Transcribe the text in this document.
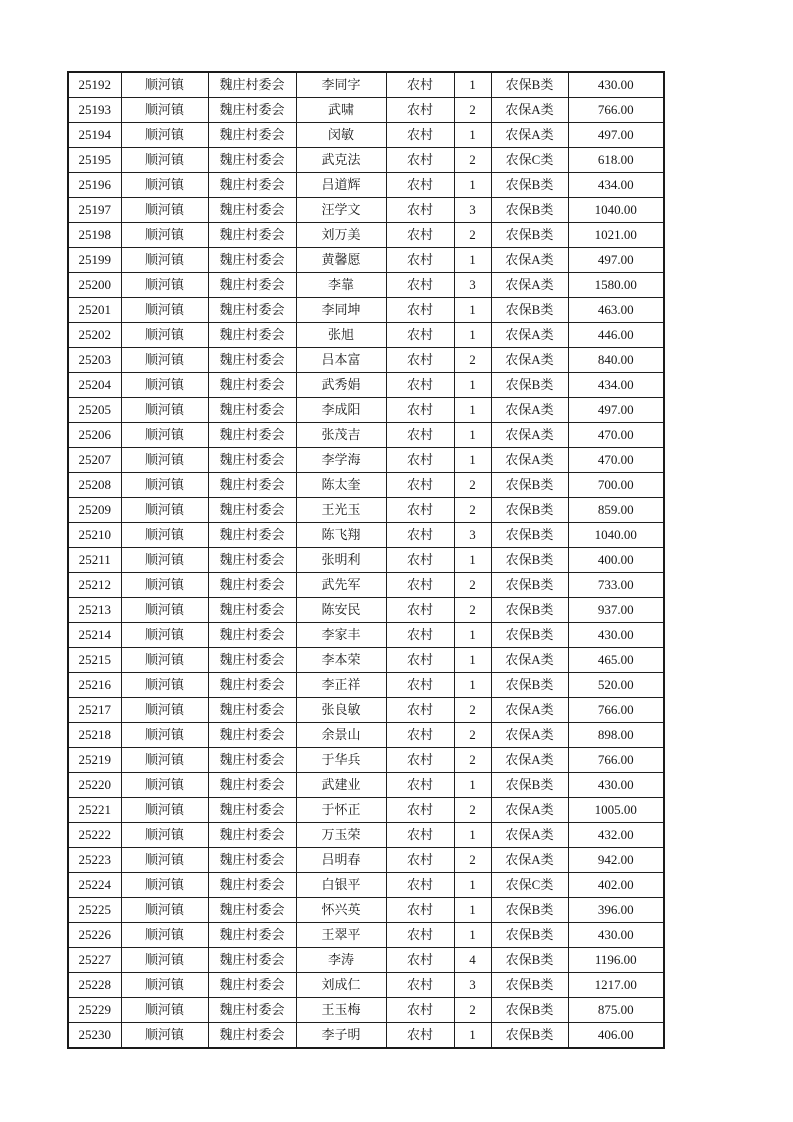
25192	顺河镇	魏庄村委会	李同字	农村	1	农保B类	430.00
25193	顺河镇	魏庄村委会	武啸	农村	2	农保A类	766.00
25194	顺河镇	魏庄村委会	闵敏	农村	1	农保A类	497.00
25195	顺河镇	魏庄村委会	武克法	农村	2	农保C类	618.00
25196	顺河镇	魏庄村委会	吕道辉	农村	1	农保B类	434.00
25197	顺河镇	魏庄村委会	汪学文	农村	3	农保B类	1040.00
25198	顺河镇	魏庄村委会	刘万美	农村	2	农保B类	1021.00
25199	顺河镇	魏庄村委会	黄馨愿	农村	1	农保A类	497.00
25200	顺河镇	魏庄村委会	李靠	农村	3	农保A类	1580.00
25201	顺河镇	魏庄村委会	李同坤	农村	1	农保B类	463.00
25202	顺河镇	魏庄村委会	张旭	农村	1	农保A类	446.00
25203	顺河镇	魏庄村委会	吕本富	农村	2	农保A类	840.00
25204	顺河镇	魏庄村委会	武秀娟	农村	1	农保B类	434.00
25205	顺河镇	魏庄村委会	李成阳	农村	1	农保A类	497.00
25206	顺河镇	魏庄村委会	张茂吉	农村	1	农保A类	470.00
25207	顺河镇	魏庄村委会	李学海	农村	1	农保A类	470.00
25208	顺河镇	魏庄村委会	陈太奎	农村	2	农保B类	700.00
25209	顺河镇	魏庄村委会	王光玉	农村	2	农保B类	859.00
25210	顺河镇	魏庄村委会	陈飞翔	农村	3	农保B类	1040.00
25211	顺河镇	魏庄村委会	张明利	农村	1	农保B类	400.00
25212	顺河镇	魏庄村委会	武先军	农村	2	农保B类	733.00
25213	顺河镇	魏庄村委会	陈安民	农村	2	农保B类	937.00
25214	顺河镇	魏庄村委会	李家丰	农村	1	农保B类	430.00
25215	顺河镇	魏庄村委会	李本荣	农村	1	农保A类	465.00
25216	顺河镇	魏庄村委会	李正祥	农村	1	农保B类	520.00
25217	顺河镇	魏庄村委会	张良敏	农村	2	农保A类	766.00
25218	顺河镇	魏庄村委会	余景山	农村	2	农保A类	898.00
25219	顺河镇	魏庄村委会	于华兵	农村	2	农保A类	766.00
25220	顺河镇	魏庄村委会	武建业	农村	1	农保B类	430.00
25221	顺河镇	魏庄村委会	于怀正	农村	2	农保A类	1005.00
25222	顺河镇	魏庄村委会	万玉荣	农村	1	农保A类	432.00
25223	顺河镇	魏庄村委会	吕明春	农村	2	农保A类	942.00
25224	顺河镇	魏庄村委会	白银平	农村	1	农保C类	402.00
25225	顺河镇	魏庄村委会	怀兴英	农村	1	农保B类	396.00
25226	顺河镇	魏庄村委会	王翠平	农村	1	农保B类	430.00
25227	顺河镇	魏庄村委会	李涛	农村	4	农保B类	1196.00
25228	顺河镇	魏庄村委会	刘成仁	农村	3	农保B类	1217.00
25229	顺河镇	魏庄村委会	王玉梅	农村	2	农保B类	875.00
25230	顺河镇	魏庄村委会	李子明	农村	1	农保B类	406.00
